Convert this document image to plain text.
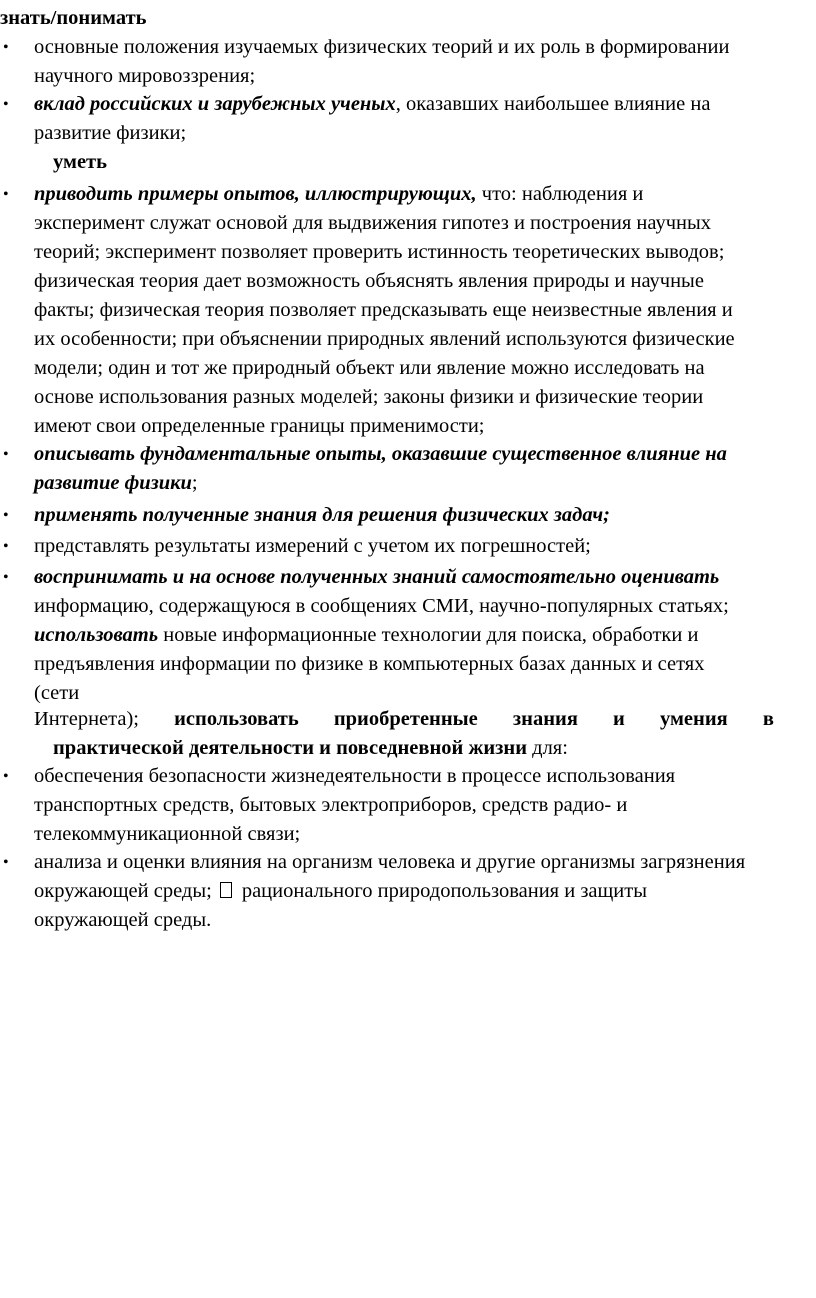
знать/понимать
• основные положения изучаемых физических теорий и их роль в формировании
научного мировоззрения;
• вклад российских и зарубежных ученых, оказавших наибольшее влияние на
развитие физики;
уметь
• приводить примеры опытов, иллюстрирующих, что: наблюдения и
эксперимент служат основой для выдвижения гипотез и построения научных
теорий; эксперимент позволяет проверить истинность теоретических выводов;
физическая теория дает возможность объяснять явления природы и научные
факты; физическая теория позволяет предсказывать еще неизвестные явления и
их особенности; при объяснении природных явлений используются физические
модели; один и тот же природный объект или явление можно исследовать на
основе использования разных моделей; законы физики и физические теории
имеют свои определенные границы применимости;
• описывать фундаментальные опыты, оказавшие существенное влияние на
развитие физики;
• применять полученные знания для решения физических задач;
• представлять результаты измерений с учетом их погрешностей;
• воспринимать и на основе полученных знаний самостоятельно оценивать
информацию, содержащуюся в сообщениях СМИ, научно-популярных статьях;
использовать новые информационные технологии для поиска, обработки и
предъявления информации по физике в компьютерных базах данных и сетях
(сети
Интернета); использовать приобретенные знания и умения в
практической деятельности и повседневной жизни для:
• обеспечения безопасности жизнедеятельности в процессе использования
транспортных средств, бытовых электроприборов, средств радио- и
телекоммуникационной связи;
• анализа и оценки влияния на организм человека и другие организмы загрязнения
окружающей среды; рационального природопользования и защиты
окружающей среды.
